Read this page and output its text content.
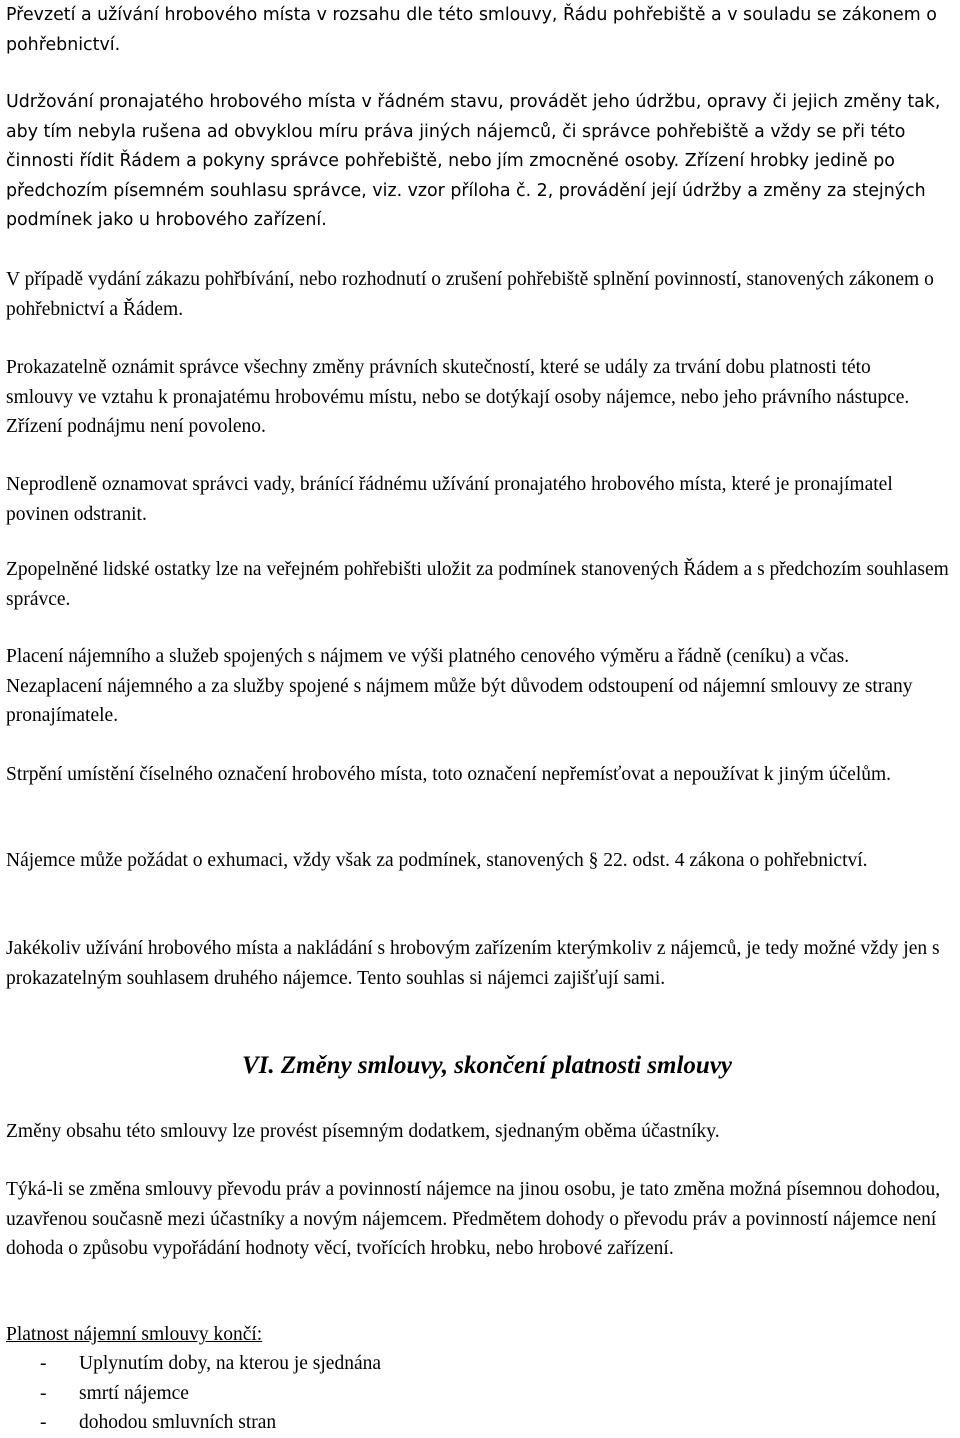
Převzetí a užívání hrobového místa v rozsahu dle této smlouvy, Řádu pohřebiště a v souladu se zákonem o pohřebnictví.

Udržování pronajatého hrobového místa v řádném stavu, provádět jeho údržbu, opravy či jejich změny tak, aby tím nebyla rušena ad obvyklou míru práva jiných nájemců, či správce pohřebiště a vždy se při této činnosti řídit Řádem a pokyny správce pohřebiště, nebo jím zmocněné osoby. Zřízení hrobky jedině po předchozím písemném souhlasu správce, viz. vzor příloha č. 2, provádění její údržby a změny za stejných podmínek jako u hrobového zařízení.

V případě vydání zákazu pohřbívání, nebo rozhodnutí o zrušení pohřebiště splnění povinností, stanovených zákonem o pohřebnictví a Řádem.

Prokazatelně oznámit správce všechny změny právních skutečností, které se udály za trvání dobu platnosti této smlouvy ve vztahu k pronajatému hrobovému místu, nebo se dotýkají osoby nájemce, nebo jeho právního nástupce. Zřízení podnájmu není povoleno.

Neprodleně oznamovat správci vady, bránící řádnému užívání pronajatého hrobového místa, které je pronajímatel povinen odstranit.

Zpopelněné lidské ostatky lze na veřejném pohřebišti uložit za podmínek stanovených Řádem a s předchozím souhlasem správce.

Placení nájemního a služeb spojených s nájmem ve výši platného cenového výměru a řádně (ceníku) a včas. Nezaplacení nájemného a za služby spojené s nájmem může být důvodem odstoupení od nájemní smlouvy ze strany pronajímatele.

Strpění umístění číselného označení hrobového místa, toto označení nepřemísťovat a nepoužívat k jiným účelům.

Nájemce může požádat o exhumaci, vždy však za podmínek, stanovených § 22. odst. 4 zákona o pohřebnictví.

Jakékoliv užívání hrobového místa a nakládání s hrobovým zařízením kterýmkoliv z nájemců, je tedy možné vždy jen s prokazatelným souhlasem druhého nájemce. Tento souhlas si nájemci zajišťují sami.

VI. Změny smlouvy, skončení platnosti smlouvy

Změny obsahu této smlouvy lze provést písemným dodatkem, sjednaným oběma účastníky.

Týká-li se změna smlouvy převodu práv a povinností nájemce na jinou osobu, je tato změna možná písemnou dohodou, uzavřenou současně mezi účastníky a novým nájemcem. Předmětem dohody o převodu práv a povinností nájemce není dohoda o způsobu vypořádání hodnoty věcí, tvořících hrobku, nebo hrobové zařízení.

Platnost nájemní smlouvy končí:

- Uplynutím doby, na kterou je sjednána
- smrtí nájemce
- dohodou smluvních stran
